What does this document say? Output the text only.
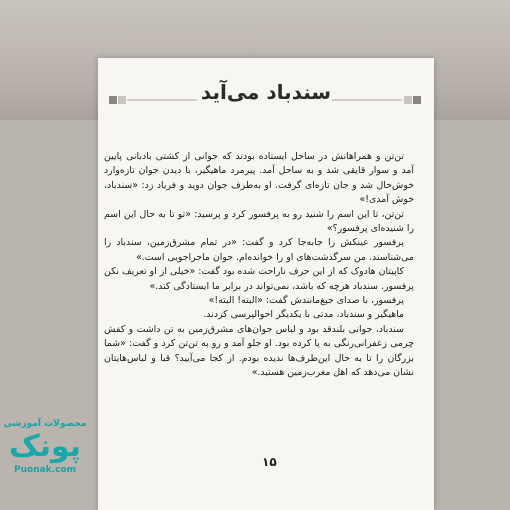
سندباد می‌آید

تن‌تن و همراهانش در ساحل ایستاده بودند که جوانی از کشتی بادبانی پایین آمد و سوار قایقی شد و به ساحل آمد. پیرمرد ماهیگیر، با دیدن جوان تازه‌وارد خوش‌حال شد و جان تازه‌ای گرفت. او به‌طرف جوان دوید و فریاد زد: «سندباد، خوش آمدی!»

تن‌تن، تا این اسم را شنید رو به پرفسور کرد و پرسید: «تو تا به حال این اسم را شنیده‌ای پرفسور؟»

پرفسور عینکش را جابه‌جا کرد و گفت: «در تمام مشرق‌زمین، سندباد را می‌شناسند. من سرگذشت‌های او را خوانده‌ام. جوان ماجراجویی است.»

کاپیتان هادوک که از این حرف ناراحت شده بود گفت: «خیلی از او تعریف نکن پرفسور. سندباد هرچه که باشد، نمی‌تواند در برابر ما ایستادگی کند.»

پرفسور، با صدای جیغ‌مانندش گفت: «البته! البته!»

ماهیگیر و سندباد، مدتی با یکدیگر احوالپرسی کردند.

سندباد، جوانی بلندقد بود و لباس جوان‌های مشرق‌زمین به تن داشت و کفش چرمی زعفرانی‌رنگی به پا کرده بود. او جلو آمد و رو به تن‌تن کرد و گفت: «شما بزرگان را تا به حال این‌طرف‌ها ندیده بودم. از کجا می‌آیید؟ قبا و لباس‌هایتان نشان می‌دهد که اهل مغرب‌زمین هستید.»

۱۵
محصولات آموزشی
پونک
Puonak.com
